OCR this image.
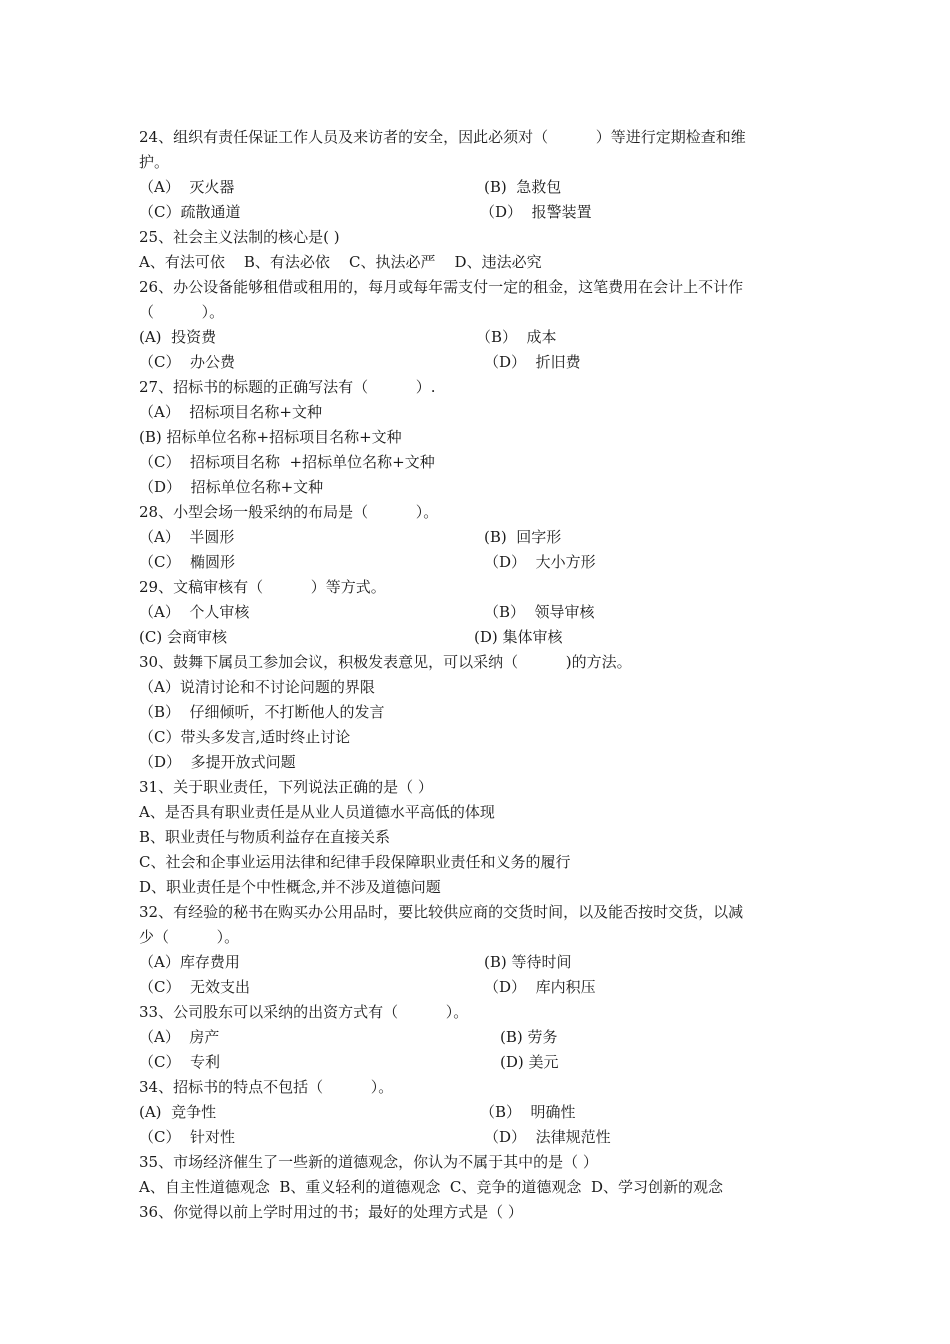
24、组织有责任保证工作人员及来访者的安全，因此必须对（          ）等进行定期检查和维
护。
（A）  灭火器	(B)  急救包
（C）疏散通道	（D）  报警装置
25、社会主义法制的核心是( )
A、有法可依    B、有法必依    C、执法必严    D、违法必究
26、办公设备能够租借或租用的，每月或每年需支付一定的租金，这笔费用在会计上不计作
（          ）。
(A)  投资费	（B）  成本
（C）  办公费	（D）  折旧费
27、招标书的标题的正确写法有（          ）.
（A）  招标项目名称+文种
(B) 招标单位名称+招标项目名称+文种
（C）  招标项目名称  +招标单位名称+文种
（D）  招标单位名称+文种
28、小型会场一般采纳的布局是（          ）。
（A）  半圆形	(B)  回字形
（C）  椭圆形	（D）  大小方形
29、文稿审核有（          ）等方式。
（A）  个人审核	（B）  领导审核
(C) 会商审核	(D) 集体审核
30、鼓舞下属员工参加会议，积极发表意见，可以采纳（          )的方法。
（A）说清讨论和不讨论问题的界限
（B）  仔细倾听，不打断他人的发言
（C）带头多发言,适时终止讨论
（D）  多提开放式问题
31、关于职业责任，下列说法正确的是（ ）
A、是否具有职业责任是从业人员道德水平高低的体现
B、职业责任与物质利益存在直接关系
C、社会和企事业运用法律和纪律手段保障职业责任和义务的履行
D、职业责任是个中性概念,并不涉及道德问题
32、有经验的秘书在购买办公用品时，要比较供应商的交货时间，以及能否按时交货，以减
少（          ）。
（A）库存费用	(B) 等待时间
（C）  无效支出	（D）  库内积压
33、公司股东可以采纳的出资方式有（          ）。
（A）  房产	(B) 劳务
（C）  专利	(D) 美元
34、招标书的特点不包括（          ）。
(A)  竞争性	（B）  明确性
（C）  针对性	（D）  法律规范性
35、市场经济催生了一些新的道德观念，你认为不属于其中的是（ ）
A、自主性道德观念  B、重义轻利的道德观念  C、竞争的道德观念  D、学习创新的观念
36、你觉得以前上学时用过的书；最好的处理方式是（ ）
